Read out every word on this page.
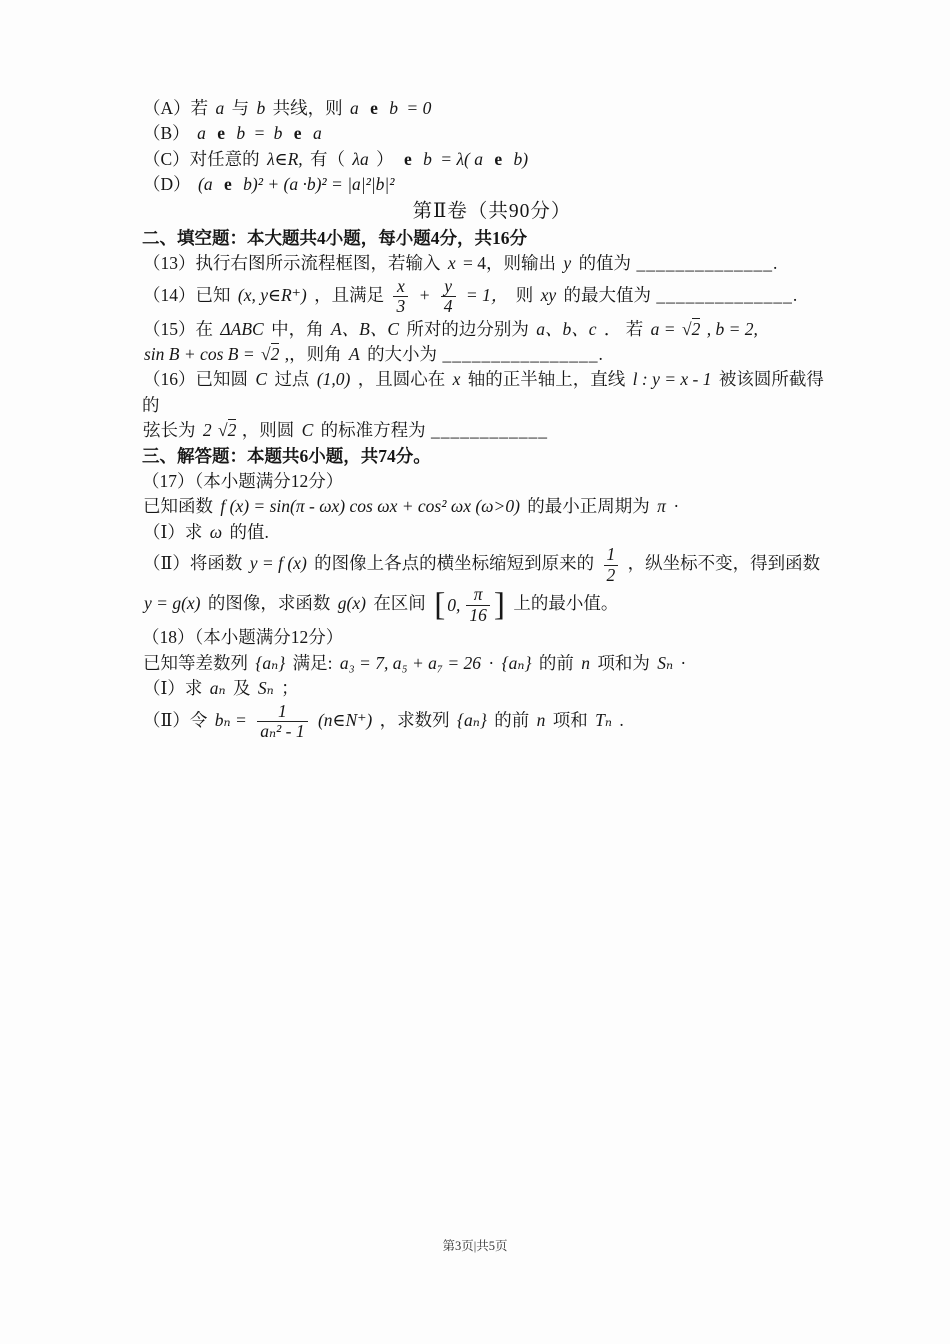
（A）若 a 与 b 共线，则 a e b = 0

（B） a e b = b e a

（C）对任意的 λ∈R, 有（ λa ） e b = λ( a e b)

（D） (a e b)² + (a ·b)² = |a|²|b|²

第Ⅱ卷（共90分）

二、填空题：本大题共4小题，每小题4分，共16分

（13）执行右图所示流程框图，若输入 x = 4，则输出 y 的值为 ______________.

（14）已知 (x, y∈R⁺) ，且满足 $\frac{x}{3} + \frac{y}{4} = 1$， 则 xy 的最大值为 ______________.

（15）在 ΔABC 中，角 A、B、C 所对的边分别为 a、b、c ． 若 a = √2 , b = 2,

sin B + cos B = √2 ,，则角 A 的大小为 ________________.

（16）已知圆 C 过点 (1,0) ，且圆心在 x 轴的正半轴上，直线 l : y = x - 1 被该圆所截得的

弦长为 2 √2 ，则圆 C 的标准方程为 ____________

三、解答题：本题共6小题，共74分。

（17）（本小题满分12分）

已知函数 f (x) = sin(π - ωx) cos ωx + cos² ωx (ω>0) 的最小正周期为 π ·

（Ⅰ）求 ω 的值.

（Ⅱ）将函数 y = f (x) 的图像上各点的横坐标缩短到原来的 $\frac{1}{2}$ ，纵坐标不变，得到函数

y = g(x) 的图像，求函数 g(x) 在区间 [ 0, $\frac{\pi}{16}$ ] 上的最小值。

（18）（本小题满分12分）

已知等差数列 {aₙ} 满足: a₃ = 7, a₅ + a₇ = 26 · {aₙ} 的前 n 项和为 Sₙ ·

（Ⅰ）求 aₙ 及 Sₙ ；

（Ⅱ）令 $b_n = \frac{1}{\text{aₙ² - 1}}$ (n∈N⁺) ，求数列 {aₙ} 的前 n 项和 Tₙ .

第3页|共5页
